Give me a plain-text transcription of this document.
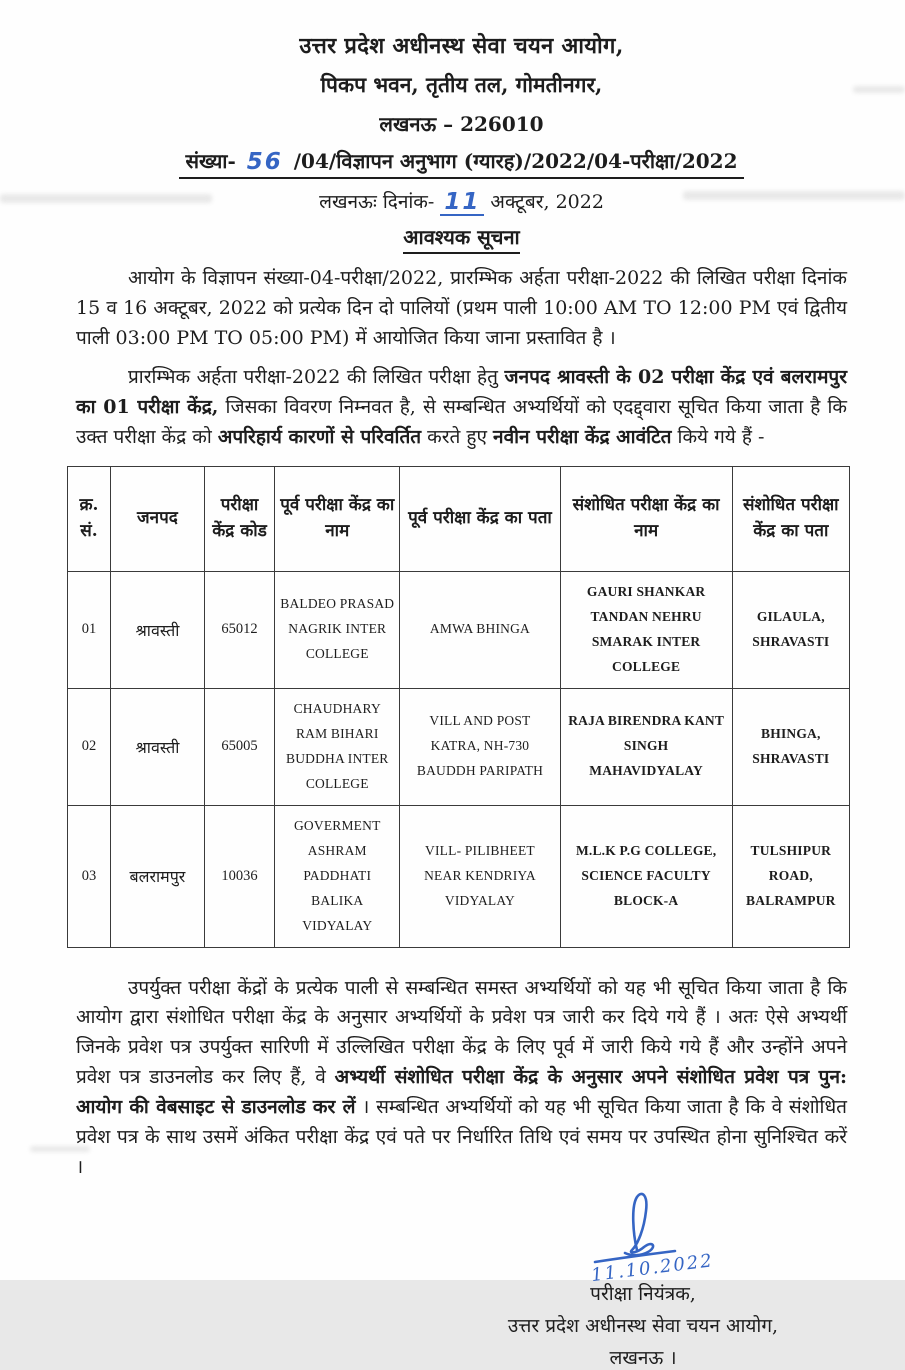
उत्तर प्रदेश अधीनस्थ सेवा चयन आयोग,
पिकप भवन, तृतीय तल, गोमतीनगर,
लखनऊ – 226010
संख्या- 56 /04/विज्ञापन अनुभाग (ग्यारह)/2022/04-परीक्षा/2022
लखनऊः दिनांक- 11 अक्टूबर, 2022
आवश्यक सूचना

आयोग के विज्ञापन संख्या-04-परीक्षा/2022, प्रारम्भिक अर्हता परीक्षा-2022 की लिखित परीक्षा दिनांक 15 व 16 अक्टूबर, 2022 को प्रत्येक दिन दो पालियों (प्रथम पाली 10:00 AM TO 12:00 PM एवं द्वितीय पाली 03:00 PM TO 05:00 PM) में आयोजित किया जाना प्रस्तावित है ।

प्रारम्भिक अर्हता परीक्षा-2022 की लिखित परीक्षा हेतु जनपद श्रावस्ती के 02 परीक्षा केंद्र एवं बलरामपुर का 01 परीक्षा केंद्र, जिसका विवरण निम्नवत है, से सम्बन्धित अभ्यर्थियों को एदद्द्वारा सूचित किया जाता है कि उक्त परीक्षा केंद्र को अपरिहार्य कारणों से परिवर्तित करते हुए नवीन परीक्षा केंद्र आवंटित किये गये हैं -

क्र. सं.	जनपद	परीक्षा केंद्र कोड	पूर्व परीक्षा केंद्र का नाम	पूर्व परीक्षा केंद्र का पता	संशोधित परीक्षा केंद्र का नाम	संशोधित परीक्षा केंद्र का पता
01	श्रावस्ती	65012	BALDEO PRASAD NAGRIK INTER COLLEGE	AMWA BHINGA	GAURI SHANKAR TANDAN NEHRU SMARAK INTER COLLEGE	GILAULA, SHRAVASTI
02	श्रावस्ती	65005	CHAUDHARY RAM BIHARI BUDDHA INTER COLLEGE	VILL AND POST KATRA, NH-730 BAUDDH PARIPATH	RAJA BIRENDRA KANT SINGH MAHAVIDYALAY	BHINGA, SHRAVASTI
03	बलरामपुर	10036	GOVERMENT ASHRAM PADDHATI BALIKA VIDYALAY	VILL- PILIBHEET NEAR KENDRIYA VIDYALAY	M.L.K P.G COLLEGE, SCIENCE FACULTY BLOCK-A	TULSHIPUR ROAD, BALRAMPUR

उपर्युक्त परीक्षा केंद्रों के प्रत्येक पाली से सम्बन्धित समस्त अभ्यर्थियों को यह भी सूचित किया जाता है कि आयोग द्वारा संशोधित परीक्षा केंद्र के अनुसार अभ्यर्थियों के प्रवेश पत्र जारी कर दिये गये हैं । अतः ऐसे अभ्यर्थी जिनके प्रवेश पत्र उपर्युक्त सारिणी में उल्लिखित परीक्षा केंद्र के लिए पूर्व में जारी किये गये हैं और उन्होंने अपने प्रवेश पत्र डाउनलोड कर लिए हैं, वे अभ्यर्थी संशोधित परीक्षा केंद्र के अनुसार अपने संशोधित प्रवेश पत्र पुन: आयोग की वेबसाइट से डाउनलोड कर लें । सम्बन्धित अभ्यर्थियों को यह भी सूचित किया जाता है कि वे संशोधित प्रवेश पत्र के साथ उसमें अंकित परीक्षा केंद्र एवं पते पर निर्धारित तिथि एवं समय पर उपस्थित होना सुनिश्चित करें ।

11.10.2022
परीक्षा नियंत्रक,
उत्तर प्रदेश अधीनस्थ सेवा चयन आयोग,
लखनऊ ।
